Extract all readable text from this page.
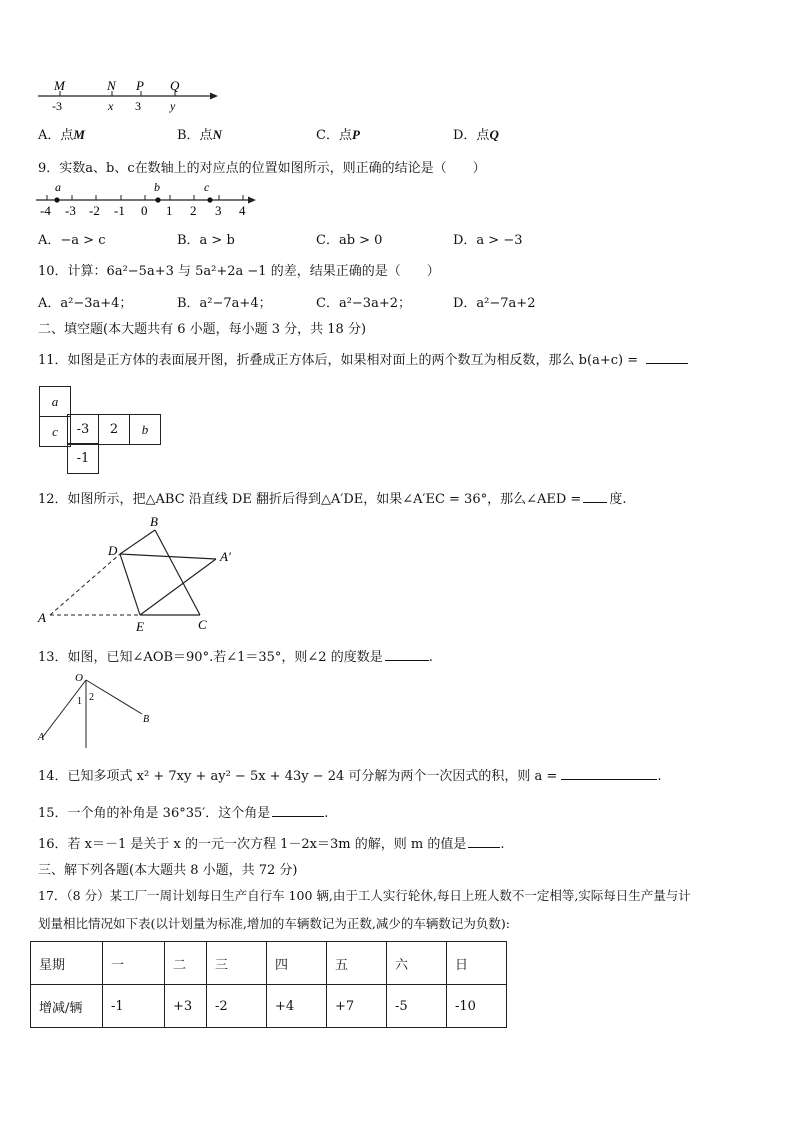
M	N P Q
-3	x 3 y
A．点M	B．点N	C．点P	D．点Q
9．实数a、b、c在数轴上的对应点的位置如图所示，则正确的结论是（　　）
a	b	c
-4 -3 -2 -1 0 1 2 3 4
A．−a > c	B．a > b	C．ab > 0	D．a > −3
10．计算：6a²−5a+3 与 5a²+2a −1 的差，结果正确的是（　　）
A．a²−3a+4；	B．a²−7a+4；	C．a²−3a+2；	D．a²−7a+2
二、填空题(本大题共有 6 小题，每小题 3 分，共 18 分)
11．如图是正方体的表面展开图，折叠成正方体后，如果相对面上的两个数互为相反数，那么 b(a+c) =
a
c -3	2	b
-1
12．如图所示，把△ABC 沿直线 DE 翻折后得到△A′DE，如果∠A′EC = 36°，那么∠AED = 度.
B
D	A′
A
E	C
13．如图，已知∠AOB＝90°.若∠1＝35°，则∠2 的度数是	.
O
1 2
A
B
14．已知多项式 x² + 7xy + ay² − 5x + 43y − 24 可分解为两个一次因式的积，则 a =	.
15．一个角的补角是 36°35′．这个角是	.
16．若 x＝－1 是关于 x 的一元一次方程 1－2x＝3m 的解，则 m 的值是	.
三、解下列各题(本大题共 8 小题，共 72 分)
17．（8 分）某工厂一周计划每日生产自行车 100 辆,由于工人实行轮休,每日上班人数不一定相等,实际每日生产量与计
划量相比情况如下表(以计划量为标准,增加的车辆数记为正数,减少的车辆数记为负数):
星期	一	二	三	四	五	六	日
增减/辆	-1	+3	-2	+4	+7	-5	-10
